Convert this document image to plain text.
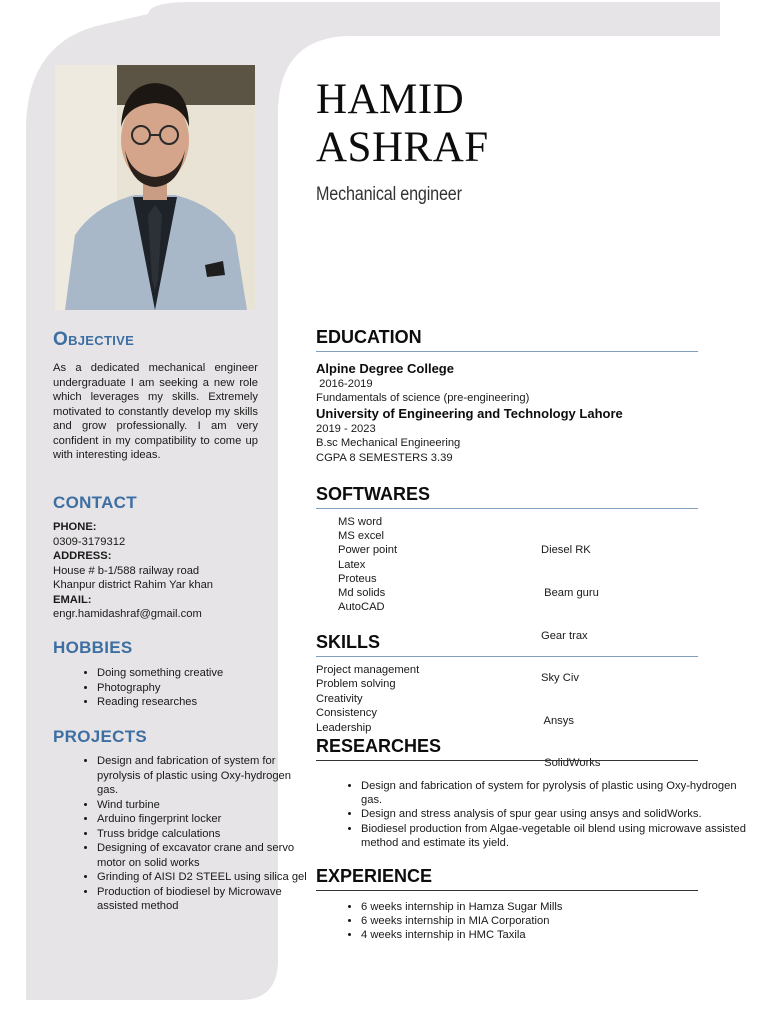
HAMID
ASHRAF
Mechanical engineer
Objective
As a dedicated mechanical engineer undergraduate I am seeking a new role which leverages my skills. Extremely motivated to constantly develop my skills and grow professionally. I am very confident in my compatibility to come up with interesting ideas.
CONTACT
PHONE:
0309-3179312
ADDRESS:
House # b-1/588 railway road
Khanpur district Rahim Yar khan
EMAIL:
engr.hamidashraf@gmail.com
HOBBIES
• Doing something creative
• Photography
• Reading researches
PROJECTS
• Design and fabrication of system for pyrolysis of plastic using Oxy-hydrogen gas.
• Wind turbine
• Arduino fingerprint locker
• Truss bridge calculations
• Designing of excavator crane and servo motor on solid works
• Grinding of AISI D2 STEEL using silica gel
• Production of biodiesel by Microwave assisted method
EDUCATION
Alpine Degree College
2016-2019
Fundamentals of science (pre-engineering)
University of Engineering and Technology Lahore
2019 - 2023
B.sc Mechanical Engineering
CGPA 8 SEMESTERS 3.39
SOFTWARES
MS word
MS excel
Power point
Latex
Proteus
Md solids
AutoCAD

Diesel RK

Beam guru

Gear trax

Sky Civ

Ansys

SolidWorks

SKILLS
Project management
Problem solving
Creativity
Consistency
Leadership
RESEARCHES
• Design and fabrication of system for pyrolysis of plastic using Oxy-hydrogen gas.
• Design and stress analysis of spur gear using ansys and solidWorks.
• Biodiesel production from Algae-vegetable oil blend using microwave assisted method and estimate its yield.
EXPERIENCE
• 6 weeks internship in Hamza Sugar Mills
• 6 weeks internship in MIA Corporation
• 4 weeks internship in HMC Taxila
